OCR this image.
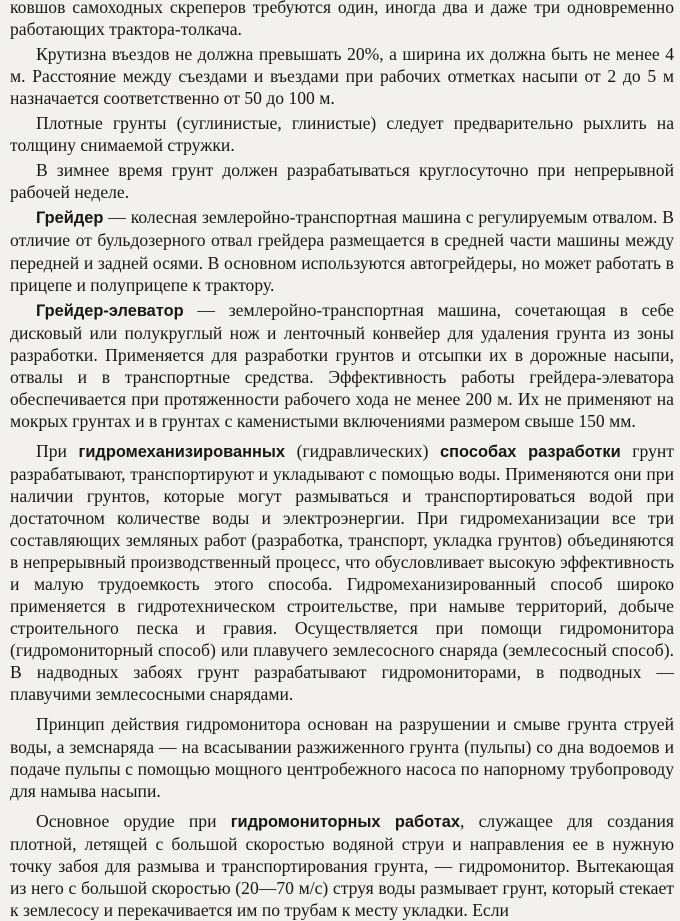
ковшов самоходных скреперов требуются один, иногда два и даже три одновременно работающих трактора-толкача.

Крутизна въездов не должна превышать 20%, а ширина их должна быть не менее 4 м. Расстояние между съездами и въездами при рабочих отметках насыпи от 2 до 5 м назначается соответственно от 50 до 100 м.

Плотные грунты (суглинистые, глинистые) следует предварительно рыхлить на толщину снимаемой стружки.

В зимнее время грунт должен разрабатываться круглосуточно при непрерывной рабочей неделе.

Грейдер — колесная землеройно-транспортная машина с регулируемым отвалом. В отличие от бульдозерного отвал грейдера размещается в средней части машины между передней и задней осями. В основном используются автогрейдеры, но может работать в прицепе и полуприцепе к трактору.

Грейдер-элеватор — землеройно-транспортная машина, сочетающая в себе дисковый или полукруглый нож и ленточный конвейер для удаления грунта из зоны разработки. Применяется для разработки грунтов и отсыпки их в дорожные насыпи, отвалы и в транспортные средства. Эффективность работы грейдера-элеватора обеспечивается при протяженности рабочего хода не менее 200 м. Их не применяют на мокрых грунтах и в грунтах с каменистыми включениями размером свыше 150 мм.

При гидромеханизированных (гидравлических) способах разработки грунт разрабатывают, транспортируют и укладывают с помощью воды. Применяются они при наличии грунтов, которые могут размываться и транспортироваться водой при достаточном количестве воды и электроэнергии. При гидромеханизации все три составляющих земляных работ (разработка, транспорт, укладка грунтов) объединяются в непрерывный производственный процесс, что обусловливает высокую эффективность и малую трудоемкость этого способа. Гидромеханизированный способ широко применяется в гидротехническом строительстве, при намыве территорий, добыче строительного песка и гравия. Осуществляется при помощи гидромонитора (гидромониторный способ) или плавучего землесосного снаряда (землесосный способ). В надводных забоях грунт разрабатывают гидромониторами, в подводных — плавучими землесосными снарядами.

Принцип действия гидромонитора основан на разрушении и смыве грунта струей воды, а земснаряда — на всасывании разжиженного грунта (пульпы) со дна водоемов и подаче пульпы с помощью мощного центробежного насоса по напорному трубопроводу для намыва насыпи.

Основное орудие при гидромониторных работах, служащее для создания плотной, летящей с большой скоростью водяной струи и направления ее в нужную точку забоя для размыва и транспортирования грунта, — гидромонитор. Вытекающая из него с большой скоростью (20—70 м/с) струя воды размывает грунт, который стекает к землесосу и перекачивается им по трубам к месту укладки. Если
